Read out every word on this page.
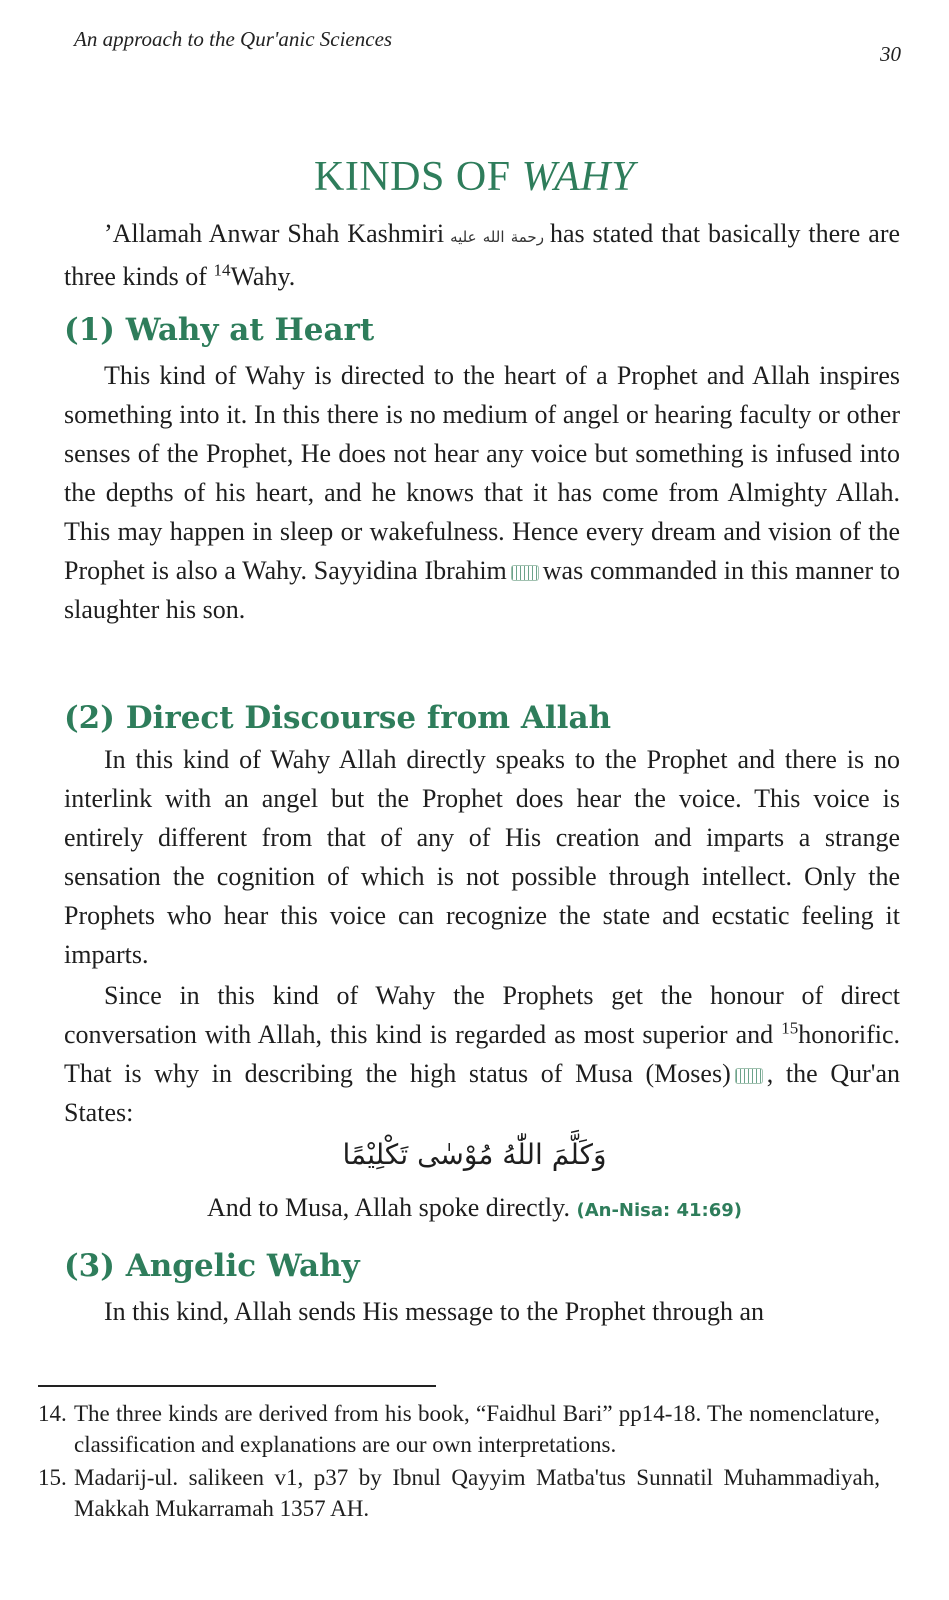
An approach to the Qur'anic Sciences
30
KINDS OF WAHY
’Allamah Anwar Shah Kashmiri رحمة الله عليه has stated that basically there are three kinds of $^{14}$Wahy.
(1) Wahy at Heart
This kind of Wahy is directed to the heart of a Prophet and Allah inspires something into it. In this there is no medium of angel or hearing faculty or other senses of the Prophet, He does not hear any voice but something is infused into the depths of his heart, and he knows that it has come from Almighty Allah. This may happen in sleep or wakefulness. Hence every dream and vision of the Prophet is also a Wahy. Sayyidina Ibrahim was commanded in this manner to slaughter his son.
(2) Direct Discourse from Allah
In this kind of Wahy Allah directly speaks to the Prophet and there is no interlink with an angel but the Prophet does hear the voice. This voice is entirely different from that of any of His creation and imparts a strange sensation the cognition of which is not possible through intellect. Only the Prophets who hear this voice can recognize the state and ecstatic feeling it imparts.
Since in this kind of Wahy the Prophets get the honour of direct conversation with Allah, this kind is regarded as most superior and $^{15}$honorific. That is why in describing the high status of Musa (Moses) , the Qur'an States:
وَكَلَّمَ اللّٰهُ مُوْسٰى تَكْلِيْمًا
And to Musa, Allah spoke directly. (An-Nisa: 41:69)
(3) Angelic Wahy
In this kind, Allah sends His message to the Prophet through an
14. The three kinds are derived from his book, “Faidhul Bari” pp14-18. The nomenclature, classification and explanations are our own interpretations.
15. Madarij-ul. salikeen v1, p37 by Ibnul Qayyim Matba'tus Sunnatil Muhammadiyah, Makkah Mukarramah 1357 AH.
